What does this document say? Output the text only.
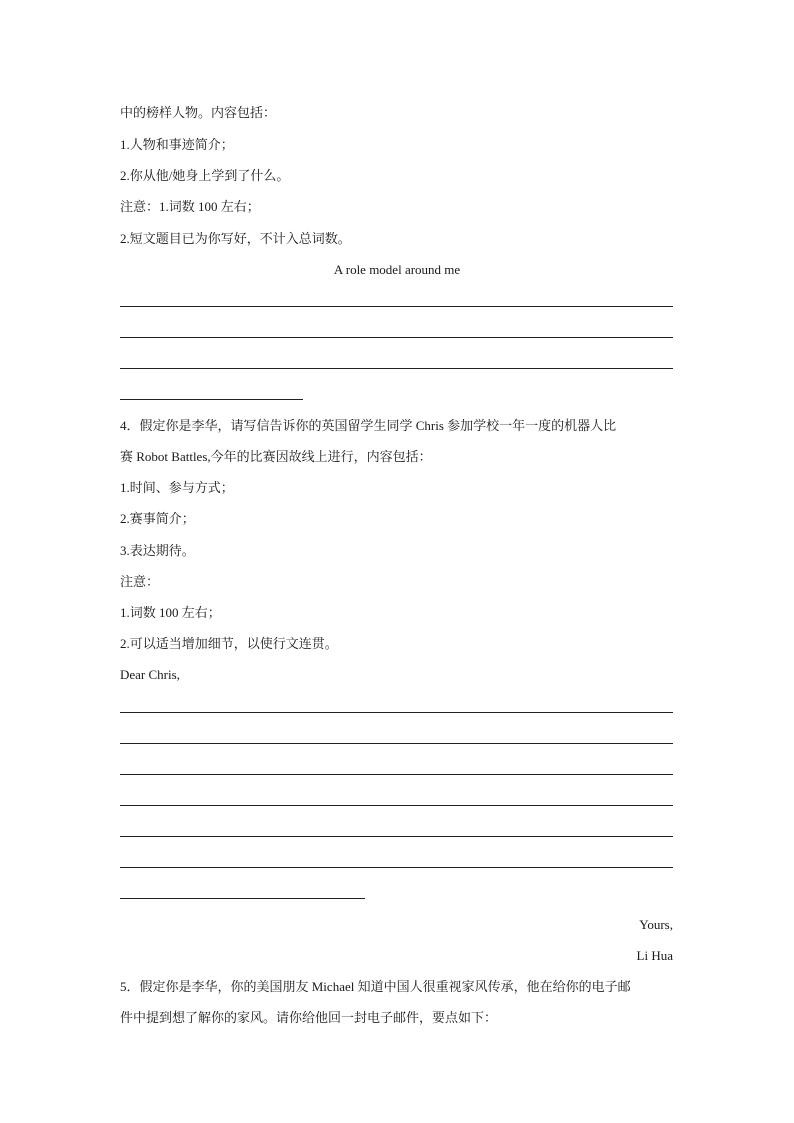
中的榜样人物。内容包括：
1.人物和事迹简介；
2.你从他/她身上学到了什么。
注意：1.词数 100 左右；
2.短文题目已为你写好，不计入总词数。
A role model around me
4．假定你是李华，请写信告诉你的英国留学生同学 Chris 参加学校一年一度的机器人比
赛 Robot Battles,今年的比赛因故线上进行，内容包括：
1.时间、参与方式；
2.赛事简介；
3.表达期待。
注意：
1.词数 100 左右；
2.可以适当增加细节，以使行文连贯。
Dear Chris,
Yours,
Li Hua
5．假定你是李华，你的美国朋友 Michael 知道中国人很重视家风传承，他在给你的电子邮
件中提到想了解你的家风。请你给他回一封电子邮件，要点如下：
